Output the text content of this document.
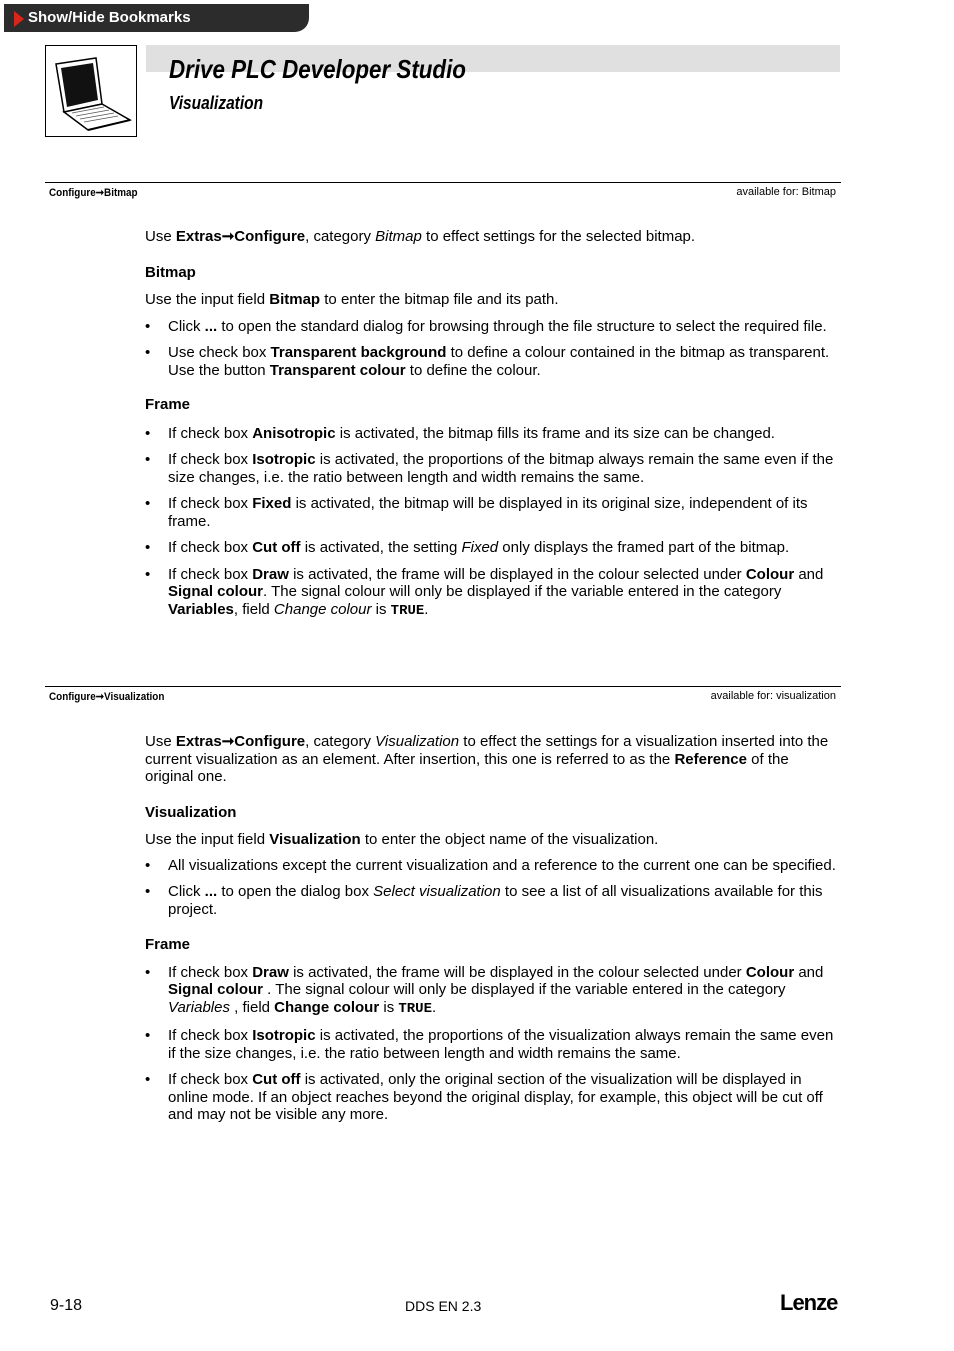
Show/Hide Bookmarks
Drive PLC Developer Studio
Visualization
Configure➞Bitmap	available for: Bitmap

Use Extras➞Configure, category Bitmap to effect settings for the selected bitmap.

Bitmap

Use the input field Bitmap to enter the bitmap file and its path.

• Click ... to open the standard dialog for browsing through the file structure to select the required file.
• Use check box Transparent background to define a colour contained in the bitmap as transparent. Use the button Transparent colour to define the colour.

Frame

• If check box Anisotropic is activated, the bitmap fills its frame and its size can be changed.
• If check box Isotropic is activated, the proportions of the bitmap always remain the same even if the size changes, i.e. the ratio between length and width remains the same.
• If check box Fixed is activated, the bitmap will be displayed in its original size, independent of its frame.
• If check box Cut off is activated, the setting Fixed only displays the framed part of the bitmap.
• If check box Draw is activated, the frame will be displayed in the colour selected under Colour and Signal colour. The signal colour will only be displayed if the variable entered in the category Variables, field Change colour is TRUE.
Configure➞Visualization	available for: visualization

Use Extras➞Configure, category Visualization to effect the settings for a visualization inserted into the current visualization as an element. After insertion, this one is referred to as the Reference of the original one.

Visualization

Use the input field Visualization to enter the object name of the visualization.

• All visualizations except the current visualization and a reference to the current one can be specified.
• Click ... to open the dialog box Select visualization to see a list of all visualizations available for this project.

Frame

• If check box Draw is activated, the frame will be displayed in the colour selected under Colour and Signal colour . The signal colour will only be displayed if the variable entered in the category Variables , field Change colour is TRUE.
• If check box Isotropic is activated, the proportions of the visualization always remain the same even if the size changes, i.e. the ratio between length and width remains the same.
• If check box Cut off is activated, only the original section of the visualization will be displayed in online mode. If an object reaches beyond the original display, for example, this object will be cut off and may not be visible any more.
9-18	DDS EN 2.3	Lenze
